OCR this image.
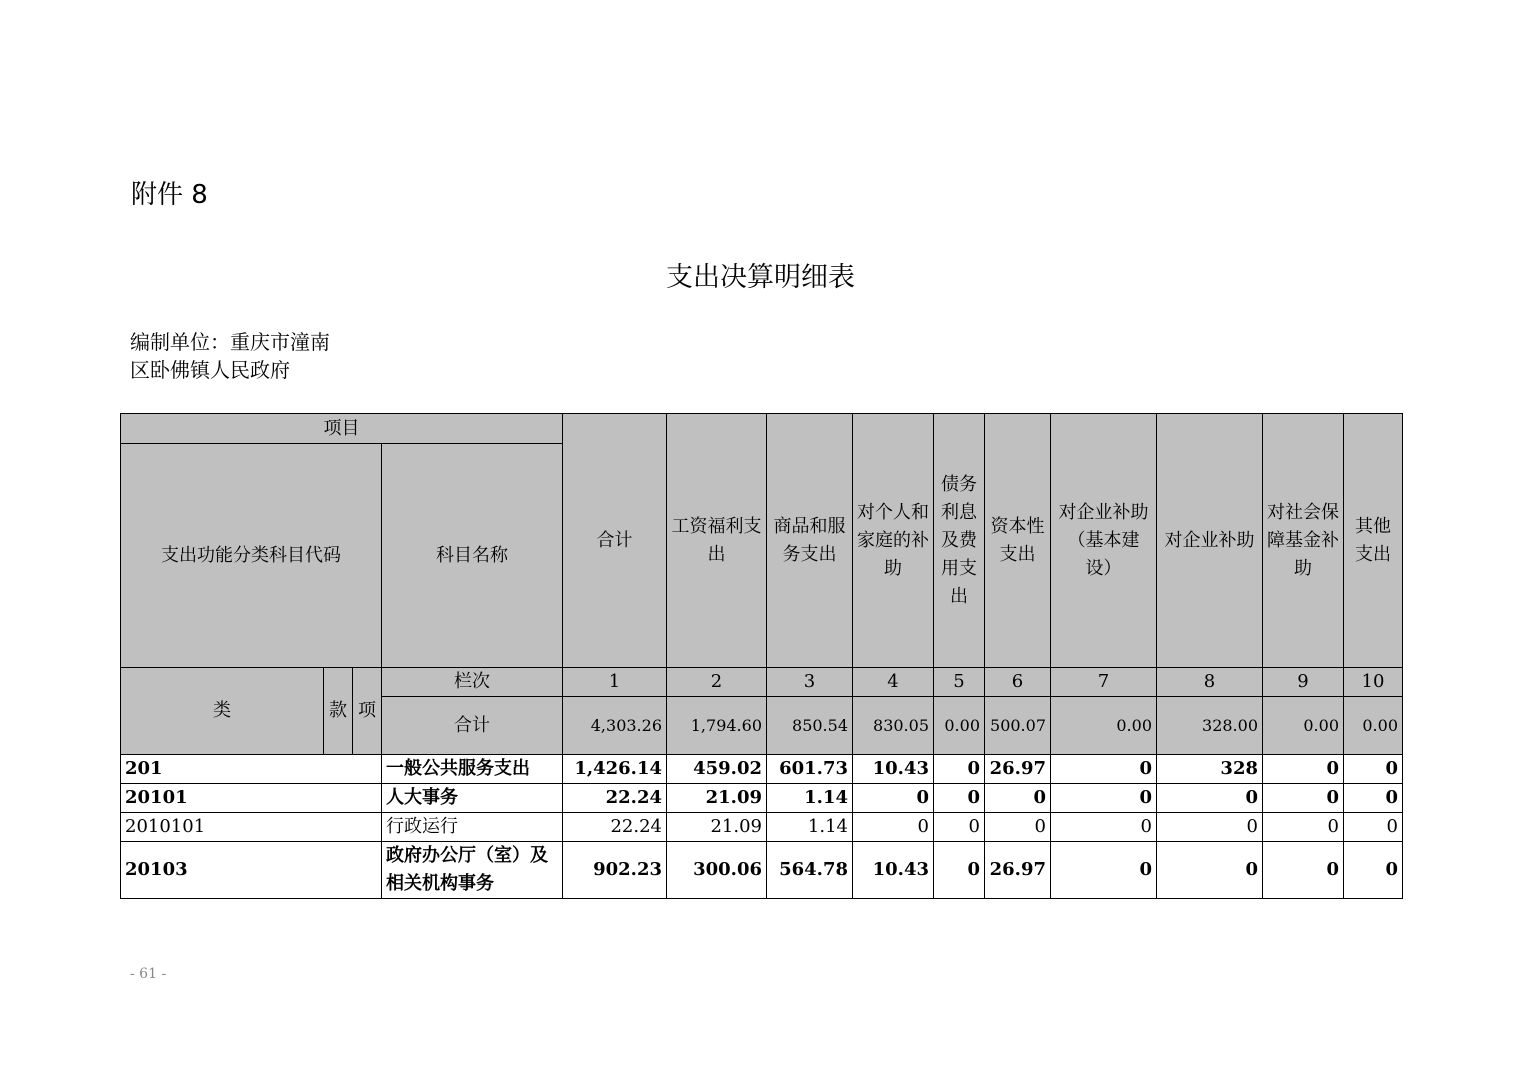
附件 8
支出决算明细表
编制单位：重庆市潼南区卧佛镇人民政府
项目				合计	工资福利支出	商品和服务支出	对个人和家庭的补助	债务利息及费用支出	资本性支出	对企业补助（基本建设）	对企业补助	对社会保障基金补助	其他支出
支出功能分类科目代码			科目名称										
类	款	项	栏次	1	2	3	4	5	6	7	8	9	10
			合计	4,303.26	1,794.60	850.54	830.05	0.00	500.07	0.00	328.00	0.00	0.00
201			一般公共服务支出	1,426.14	459.02	601.73	10.43	0	26.97	0	328	0	0
20101			人大事务	22.24	21.09	1.14	0	0	0	0	0	0	0
2010101			行政运行	22.24	21.09	1.14	0	0	0	0	0	0	0
20103			政府办公厅（室）及相关机构事务	902.23	300.06	564.78	10.43	0	26.97	0	0	0	0
- 61 -
